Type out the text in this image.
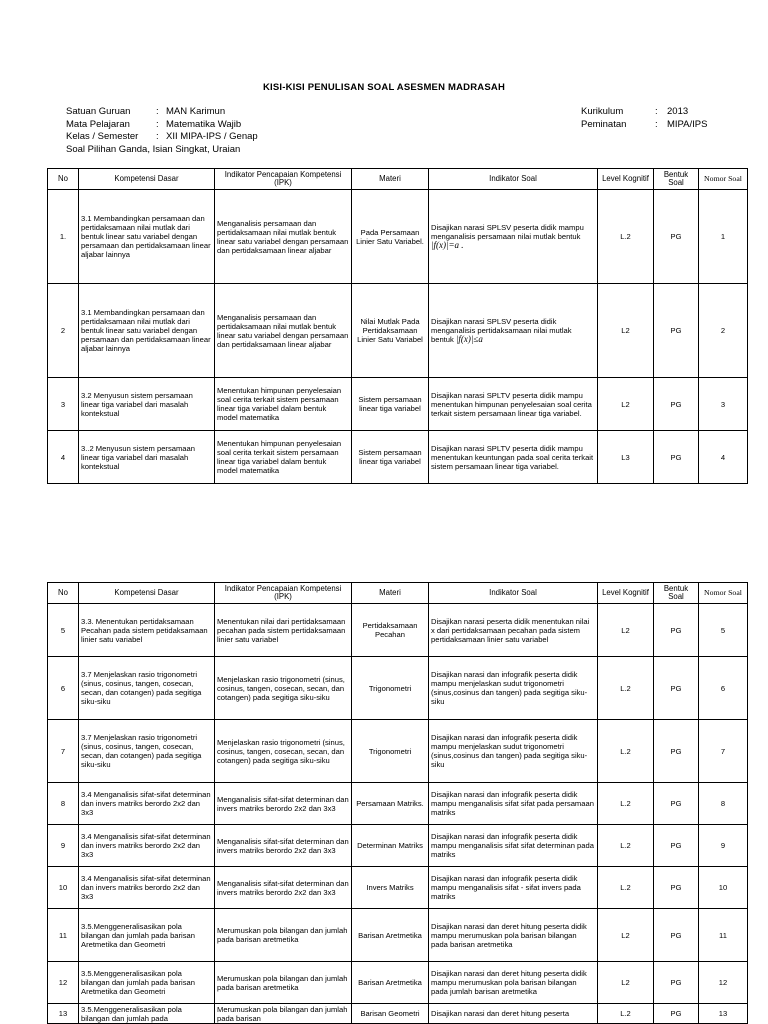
KISI-KISI PENULISAN SOAL ASESMEN MADRASAH
Satuan Guruan	: MAN Karimun
Mata Pelajaran	: Matematika Wajib
Kelas / Semester	: XII MIPA-IPS / Genap
Soal Pilihan Ganda, Isian Singkat, Uraian
Kurikulum	: 2013
Peminatan	: MIPA/IPS
No	Kompetensi Dasar	Indikator Pencapaian Kompetensi (IPK)	Materi	Indikator Soal	Level Kognitif	Bentuk Soal	Nomor Soal
1.	3.1 Membandingkan persamaan dan pertidaksamaan nilai mutlak dari bentuk linear satu variabel dengan persamaan dan pertidaksamaan linear aljabar lainnya	Menganalisis persamaan dan pertidaksamaan nilai mutlak bentuk linear satu variabel dengan persamaan dan pertidaksamaan linear aljabar	Pada Persamaan Linier Satu Variabel.	Disajikan narasi SPLSV peserta didik mampu menganalisis persamaan nilai mutlak bentuk |f(x)|=a .	L.2	PG	1
2	3.1 Membandingkan persamaan dan pertidaksamaan nilai mutlak dari bentuk linear satu variabel dengan persamaan dan pertidaksamaan linear aljabar lainnya	Menganalisis persamaan dan pertidaksamaan nilai mutlak bentuk linear satu variabel dengan persamaan dan pertidaksamaan linear aljabar	Nilai Mutlak Pada Pertidaksamaan Linier Satu Variabel	Disajikan narasi SPLSV peserta didik menganalisis pertidaksamaan nilai mutlak bentuk |f(x)|≤a	L2	PG	2
3	3.2 Menyusun sistem persamaan linear tiga variabel dari masalah kontekstual	Menentukan himpunan penyelesaian soal cerita terkait sistem persamaan linear tiga variabel dalam bentuk model matematika	Sistem persamaan linear tiga variabel	Disajikan narasi SPLTV peserta didik mampu menentukan himpunan penyelesaian soal cerita terkait sistem persamaan linear tiga variabel.	L2	PG	3
4	3..2 Menyusun sistem persamaan linear tiga variabel dari masalah kontekstual	Menentukan himpunan penyelesaian soal cerita terkait sistem persamaan linear tiga variabel dalam bentuk model matematika	Sistem persamaan linear tiga variabel	Disajikan narasi SPLTV peserta didik mampu menentukan keuntungan pada soal cerita terkait sistem persamaan linear tiga variabel.	L3	PG	4
No	Kompetensi Dasar	Indikator Pencapaian Kompetensi (IPK)	Materi	Indikator Soal	Level Kognitif	Bentuk Soal	Nomor Soal
5	3.3. Menentukan pertidaksamaan Pecahan pada sistem petidaksamaan linier satu variabel	Menentukan nilai dari pertidaksamaan pecahan pada sistem pertidaksamaan linier satu variabel	Pertidaksamaan Pecahan	Disajikan narasi peserta didik menentukan nilai x dari pertidaksamaan pecahan pada sistem pertidaksamaan linier satu variabel	L2	PG	5
6	3.7 Menjelaskan rasio trigonometri (sinus, cosinus, tangen, cosecan, secan, dan cotangen) pada segitiga siku-siku	Menjelaskan rasio trigonometri (sinus, cosinus, tangen, cosecan, secan, dan cotangen) pada segitiga siku-siku	Trigonometri	Disajikan narasi dan infografik peserta didik mampu menjelaskan sudut trigonometri (sinus,cosinus dan tangen) pada segitiga siku-siku	L.2	PG	6
7	3.7 Menjelaskan rasio trigonometri (sinus, cosinus, tangen, cosecan, secan, dan cotangen) pada segitiga siku-siku	Menjelaskan rasio trigonometri (sinus, cosinus, tangen, cosecan, secan, dan cotangen) pada segitiga siku-siku	Trigonometri	Disajikan narasi dan infografik peserta didik mampu menjelaskan sudut trigonometri (sinus,cosinus dan tangen) pada segitiga siku-siku	L.2	PG	7
8	3.4 Menganalisis sifat-sifat determinan dan invers matriks berordo 2x2 dan 3x3	Menganalisis sifat-sifat determinan dan invers matriks berordo 2x2 dan 3x3	Persamaan Matriks.	Disajikan narasi dan infografik peserta didik mampu menganalisis sifat sifat pada persamaan matriks	L.2	PG	8
9	3.4 Menganalisis sifat-sifat determinan dan invers matriks berordo 2x2 dan 3x3	Menganalisis sifat-sifat determinan dan invers matriks berordo 2x2 dan 3x3	Determinan Matriks	Disajikan narasi dan infografik peserta didik mampu menganalisis sifat sifat determinan pada matriks	L.2	PG	9
10	3.4 Menganalisis sifat-sifat determinan dan invers matriks berordo 2x2 dan 3x3	Menganalisis sifat-sifat determinan dan invers matriks berordo 2x2 dan 3x3	Invers Matriks	Disajikan narasi dan infografik peserta didik mampu menganalisis sifat - sifat invers pada matriks	L.2	PG	10
11	3.5.Menggeneralisasikan pola bilangan dan jumlah pada barisan Aretmetika dan Geometri	Merumuskan pola bilangan dan jumlah pada barisan aretmetika	Barisan Aretmetika	Disajikan narasi dan deret hitung peserta didik mampu merumuskan pola barisan bilangan pada barisan aretmetika	L2	PG	11
12	3.5.Menggeneralisasikan pola bilangan dan jumlah pada barisan Aretmetika dan Geometri	Merumuskan pola bilangan dan jumlah pada barisan aretmetika	Barisan Aretmetika	Disajikan narasi dan deret hitung peserta didik mampu merumuskan pola barisan bilangan pada jumlah barisan aretmetika	L2	PG	12
13	3.5.Menggeneralisasikan pola bilangan dan jumlah pada	Merumuskan pola bilangan dan jumlah pada barisan	Barisan Geometri	Disajikan narasi dan deret hitung peserta	L.2	PG	13
